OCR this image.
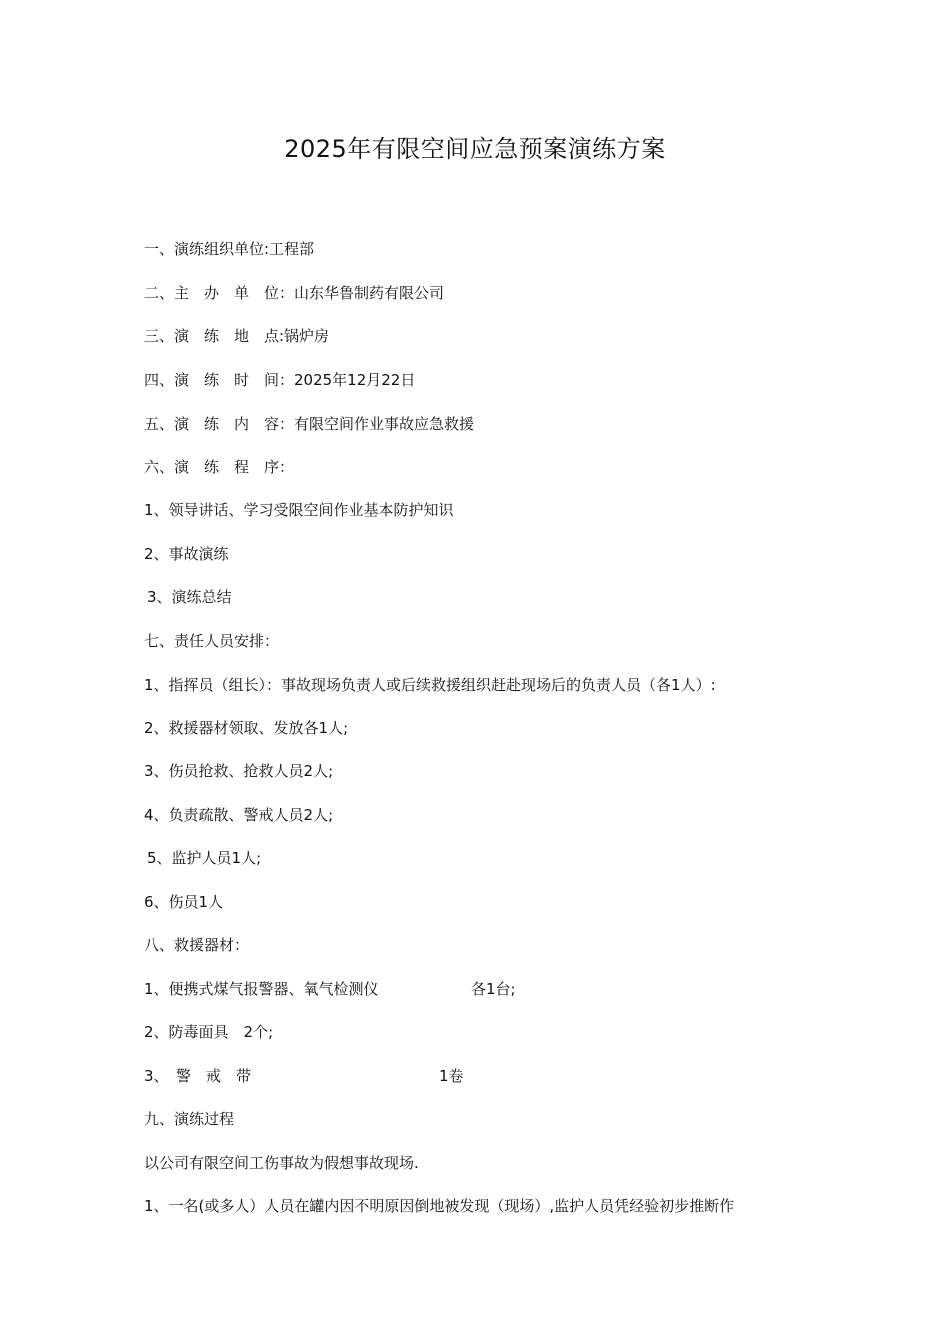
2025年有限空间应急预案演练方案
一、演练组织单位:工程部
二、主　办　单　位：山东华鲁制药有限公司
三、演　练　地　点:锅炉房
四、演　练　时　间：2025年12月22日
五、演　练　内　容：有限空间作业事故应急救援
六、演　练　程　序：
1、领导讲话、学习受限空间作业基本防护知识
2、事故演练
3、演练总结
七、责任人员安排：
1、指挥员（组长）：事故现场负责人或后续救援组织赶赴现场后的负责人员（各1人）:
2、救援器材领取、发放各1人;
3、伤员抢救、抢救人员2人;
4、负责疏散、警戒人员2人;
5、监护人员1人;
6、伤员1人
八、救援器材：
1、便携式煤气报警器、氧气检测仪	各1台;
2、防毒面具　2个;
3、　警　戒　带	1卷
九、演练过程
以公司有限空间工伤事故为假想事故现场.
1、一名(或多人）人员在罐内因不明原因倒地被发现（现场）,监护人员凭经验初步推断作
